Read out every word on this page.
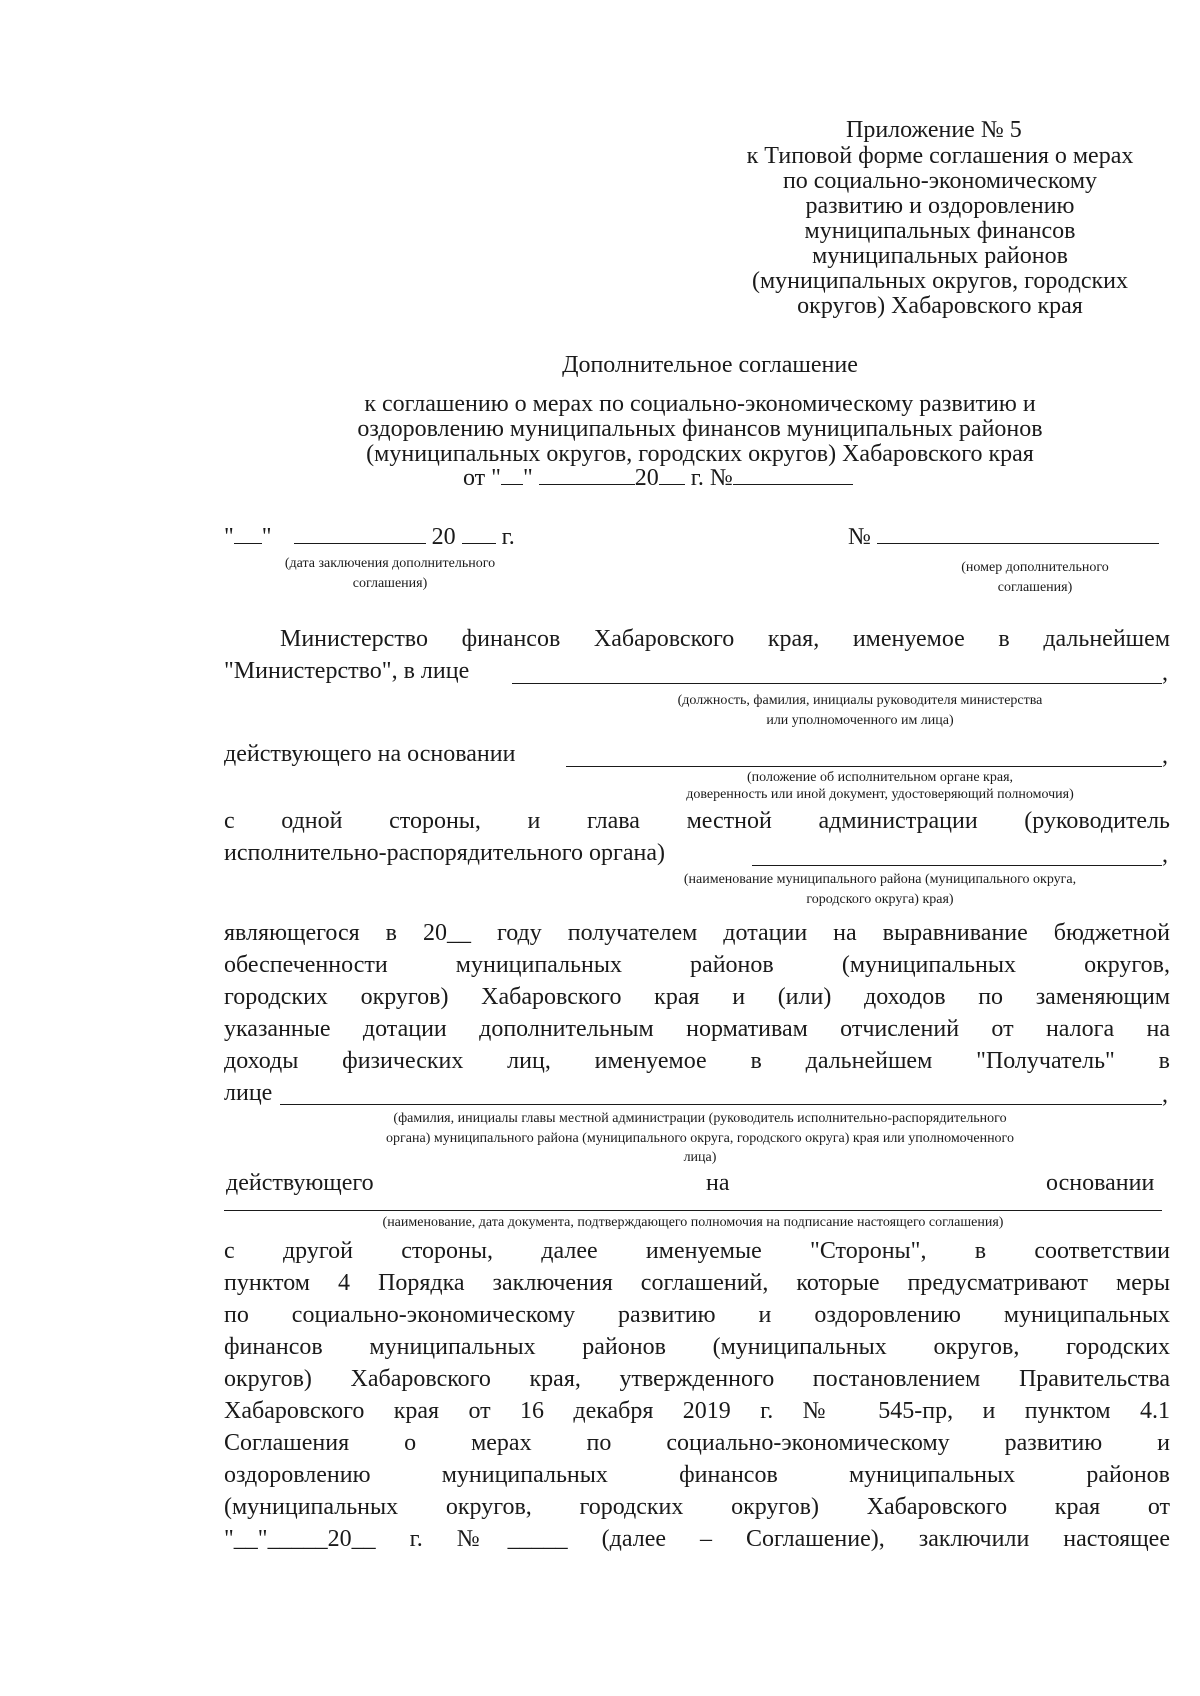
Приложение № 5
к Типовой форме соглашения о мерах
по социально-экономическому
развитию и оздоровлению
муниципальных финансов
муниципальных районов
(муниципальных округов, городских
округов) Хабаровского края
Дополнительное соглашение
к соглашению о мерах по социально-экономическому развитию и
оздоровлению муниципальных финансов муниципальных районов
(муниципальных округов, городских округов) Хабаровского края
от " "	20 г. №
" "	20 г.	№
(дата заключения дополнительного
соглашения)
(номер дополнительного
соглашения)
Министерство финансов Хабаровского края, именуемое в дальнейшем
"Министерство", в лице	,
(должность, фамилия, инициалы руководителя министерства
или уполномоченного им лица)
действующего на основании	,
(положение об исполнительном органе края,
доверенность или иной документ, удостоверяющий полномочия)
с одной стороны, и глава местной администрации (руководитель
исполнительно-распорядительного органа)	,
(наименование муниципального района (муниципального округа,
городского округа) края)
являющегося в 20__ году получателем дотации на выравнивание бюджетной
обеспеченности муниципальных районов (муниципальных округов,
городских округов) Хабаровского края и (или) доходов по заменяющим
указанные дотации дополнительным нормативам отчислений от налога на
доходы физических лиц, именуемое в дальнейшем "Получатель" в
лице	,
(фамилия, инициалы главы местной администрации (руководитель исполнительно-распорядительного
органа) муниципального района (муниципального округа, городского округа) края или уполномоченного
лица)
действующего	на	основании
(наименование, дата документа, подтверждающего полномочия на подписание настоящего соглашения)
с другой стороны, далее именуемые "Стороны", в соответствии
пунктом 4 Порядка заключения соглашений, которые предусматривают меры
по социально-экономическому развитию и оздоровлению муниципальных
финансов муниципальных районов (муниципальных округов, городских
округов) Хабаровского края, утвержденного постановлением Правительства
Хабаровского края от 16 декабря 2019 г. № 545-пр, и пунктом 4.1
Соглашения о мерах по социально-экономическому развитию и
оздоровлению муниципальных финансов муниципальных районов
(муниципальных округов, городских округов) Хабаровского края от
"__"_____20__ г. №_____ (далее – Соглашение), заключили настоящее
